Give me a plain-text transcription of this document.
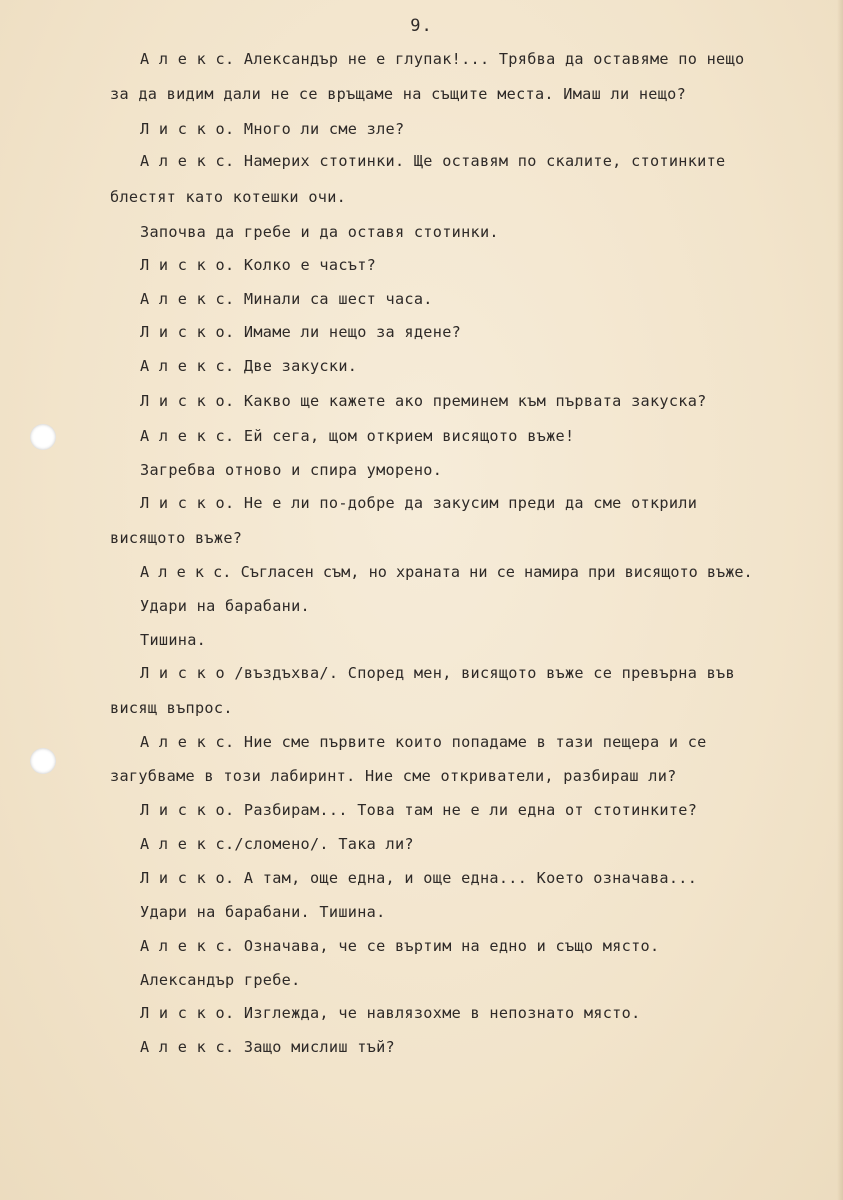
9.
А л е к с. Александър не е глупак!... Трябва да оставяме по нещо
за да видим дали не се връщаме на същите места. Имаш ли нещо?
Л и с к о. Много ли сме зле?
А л е к с. Намерих стотинки. Ще оставям по скалите, стотинките
блестят като котешки очи.
Започва да гребе и да оставя стотинки.
Л и с к о. Колко е часът?
А л е к с. Минали са шест часа.
Л и с к о. Имаме ли нещо за ядене?
А л е к с. Две закуски.
Л и с к о. Какво ще кажете ако преминем към първата закуска?
А л е к с. Ей сега, щом открием висящото въже!
Загребва отново и спира уморено.
Л и с к о. Не е ли по-добре да закусим преди да сме открили
висящото въже?
А л е к с. Съгласен съм, но храната ни се намира при висящото въже.
Удари на барабани.
Тишина.
Л и с к о /въздъхва/. Според мен, висящото въже се превърна във
висящ въпрос.
А л е к с. Ние сме първите които попадаме в тази пещера и се
загубваме в този лабиринт. Ние сме откриватели, разбираш ли?
Л и с к о. Разбирам... Това там не е ли една от стотинките?
А л е к с./сломено/. Така ли?
Л и с к о. А там, още една, и още една... Което означава...
Удари на барабани. Тишина.
А л е к с. Означава, че се въртим на едно и също място.
Александър гребе.
Л и с к о. Изглежда, че навлязохме в непознато място.
А л е к с. Защо мислиш тъй?
